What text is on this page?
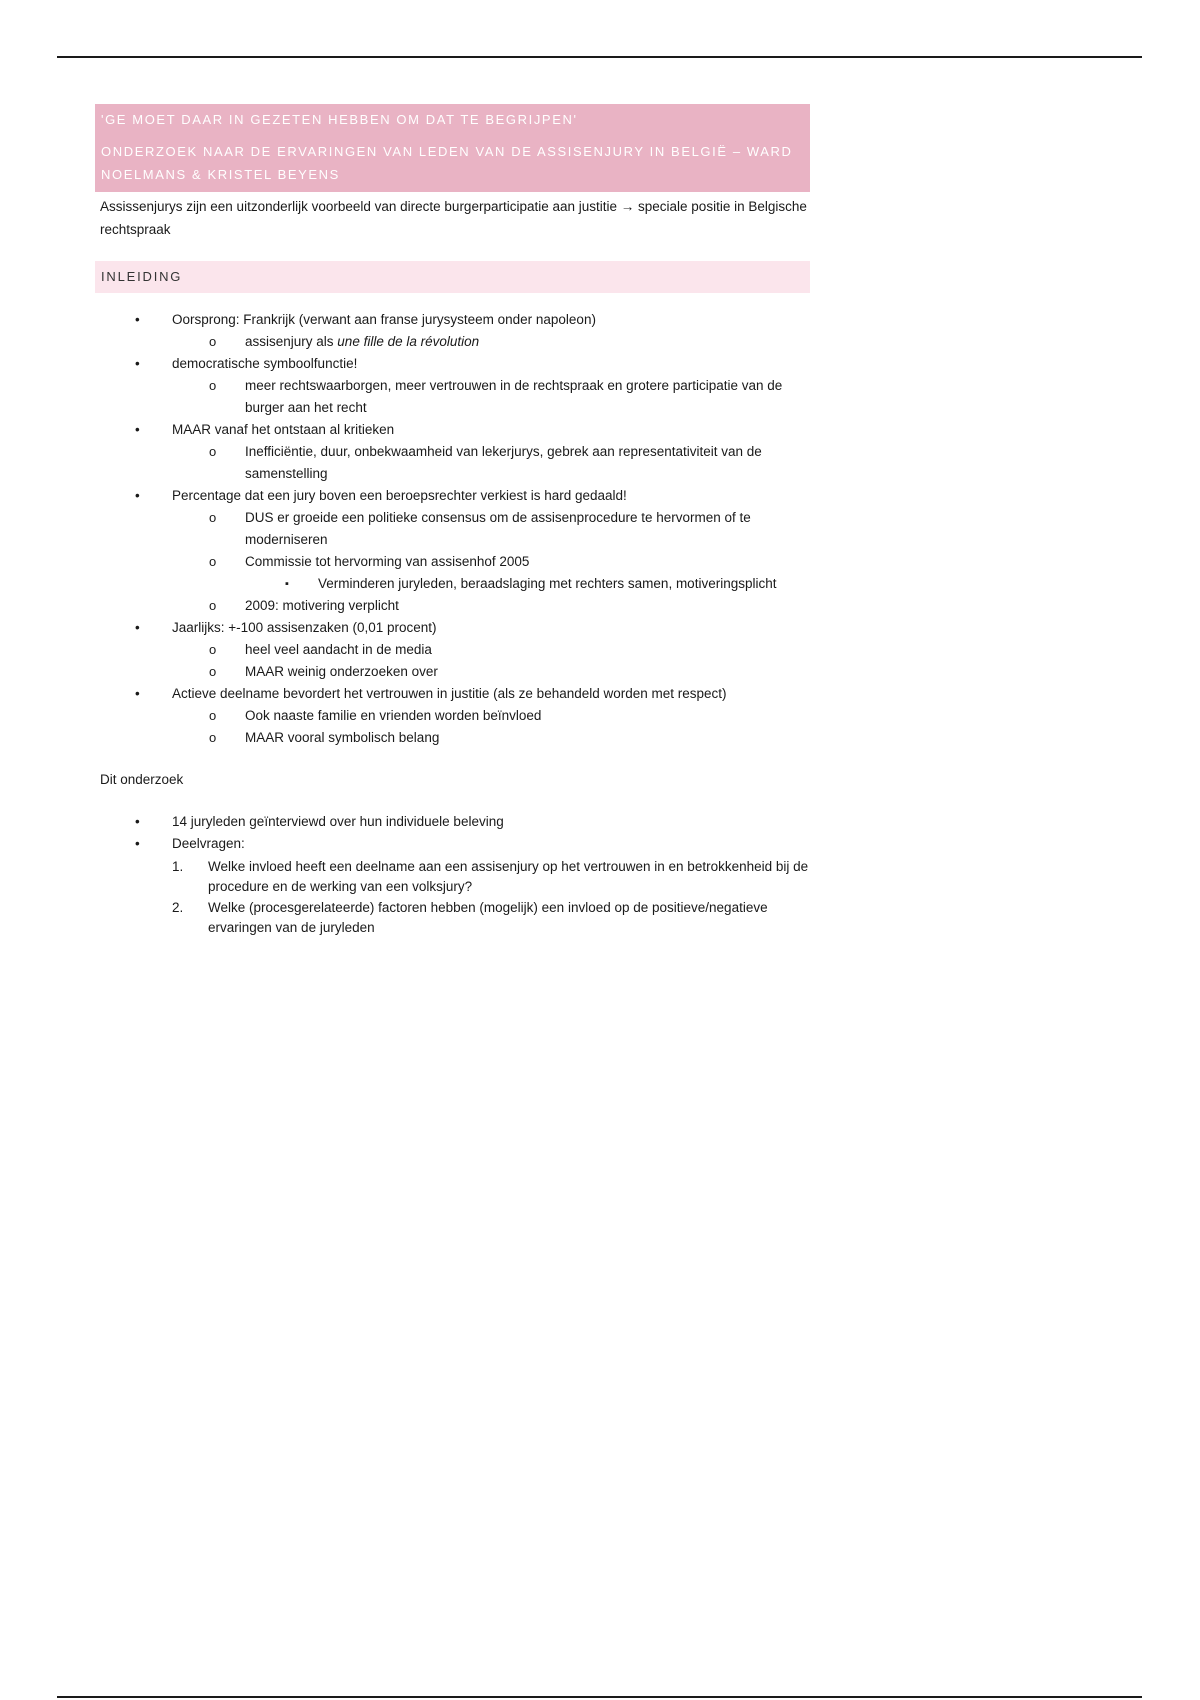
'GE MOET DAAR IN GEZETEN HEBBEN OM DAT TE BEGRIJPEN'
ONDERZOEK NAAR DE ERVARINGEN VAN LEDEN VAN DE ASSISENJURY IN BELGIË – WARD NOELMANS & KRISTEL BEYENS
Assissenjurys zijn een uitzonderlijk voorbeeld van directe burgerparticipatie aan justitie → speciale positie in Belgische rechtspraak
INLEIDING
• Oorsprong: Frankrijk (verwant aan franse jurysysteem onder napoleon)
o assisenjury als une fille de la révolution
• democratische symboolfunctie!
o meer rechtswaarborgen, meer vertrouwen in de rechtspraak en grotere participatie van de burger aan het recht
• MAAR vanaf het ontstaan al kritieken
o Inefficiëntie, duur, onbekwaamheid van lekerjurys, gebrek aan representativiteit van de samenstelling
• Percentage dat een jury boven een beroepsrechter verkiest is hard gedaald!
o DUS er groeide een politieke consensus om de assisenprocedure te hervormen of te moderniseren
o Commissie tot hervorming van assisenhof 2005
▪ Verminderen juryleden, beraadslaging met rechters samen, motiveringsplicht
o 2009: motivering verplicht
• Jaarlijks: +-100 assisenzaken (0,01 procent)
o heel veel aandacht in de media
o MAAR weinig onderzoeken over
• Actieve deelname bevordert het vertrouwen in justitie (als ze behandeld worden met respect)
o Ook naaste familie en vrienden worden beïnvloed
o MAAR vooral symbolisch belang
Dit onderzoek
• 14 juryleden geïnterviewd over hun individuele beleving
• Deelvragen:
1. Welke invloed heeft een deelname aan een assisenjury op het vertrouwen in en betrokkenheid bij de procedure en de werking van een volksjury?
2. Welke (procesgerelateerde) factoren hebben (mogelijk) een invloed op de positieve/negatieve ervaringen van de juryleden
